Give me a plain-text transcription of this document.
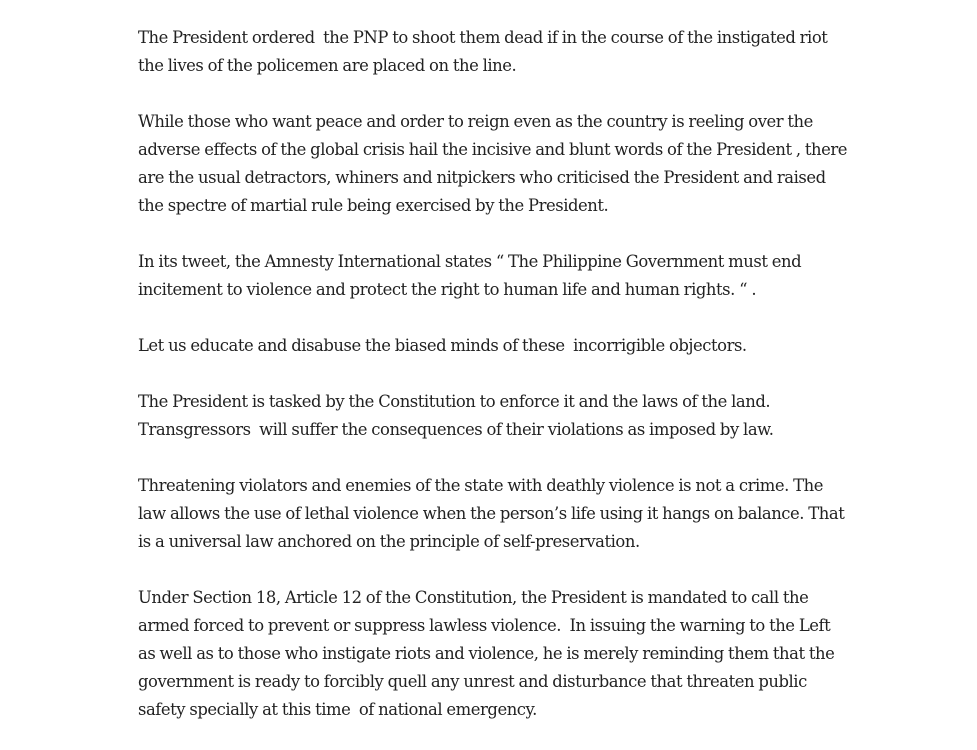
The President ordered  the PNP to shoot them dead if in the course of the instigated riot the lives of the policemen are placed on the line.

While those who want peace and order to reign even as the country is reeling over the adverse effects of the global crisis hail the incisive and blunt words of the President , there are the usual detractors, whiners and nitpickers who criticised the President and raised the spectre of martial rule being exercised by the President.

In its tweet, the Amnesty International states “ The Philippine Government must end incitement to violence and protect the right to human life and human rights. “ .

Let us educate and disabuse the biased minds of these  incorrigible objectors.

The President is tasked by the Constitution to enforce it and the laws of the land. Transgressors  will suffer the consequences of their violations as imposed by law.

Threatening violators and enemies of the state with deathly violence is not a crime. The law allows the use of lethal violence when the person’s life using it hangs on balance. That is a universal law anchored on the principle of self-preservation.

Under Section 18, Article 12 of the Constitution, the President is mandated to call the armed forced to prevent or suppress lawless violence.  In issuing the warning to the Left as well as to those who instigate riots and violence, he is merely reminding them that the government is ready to forcibly quell any unrest and disturbance that threaten public safety specially at this time  of national emergency.
